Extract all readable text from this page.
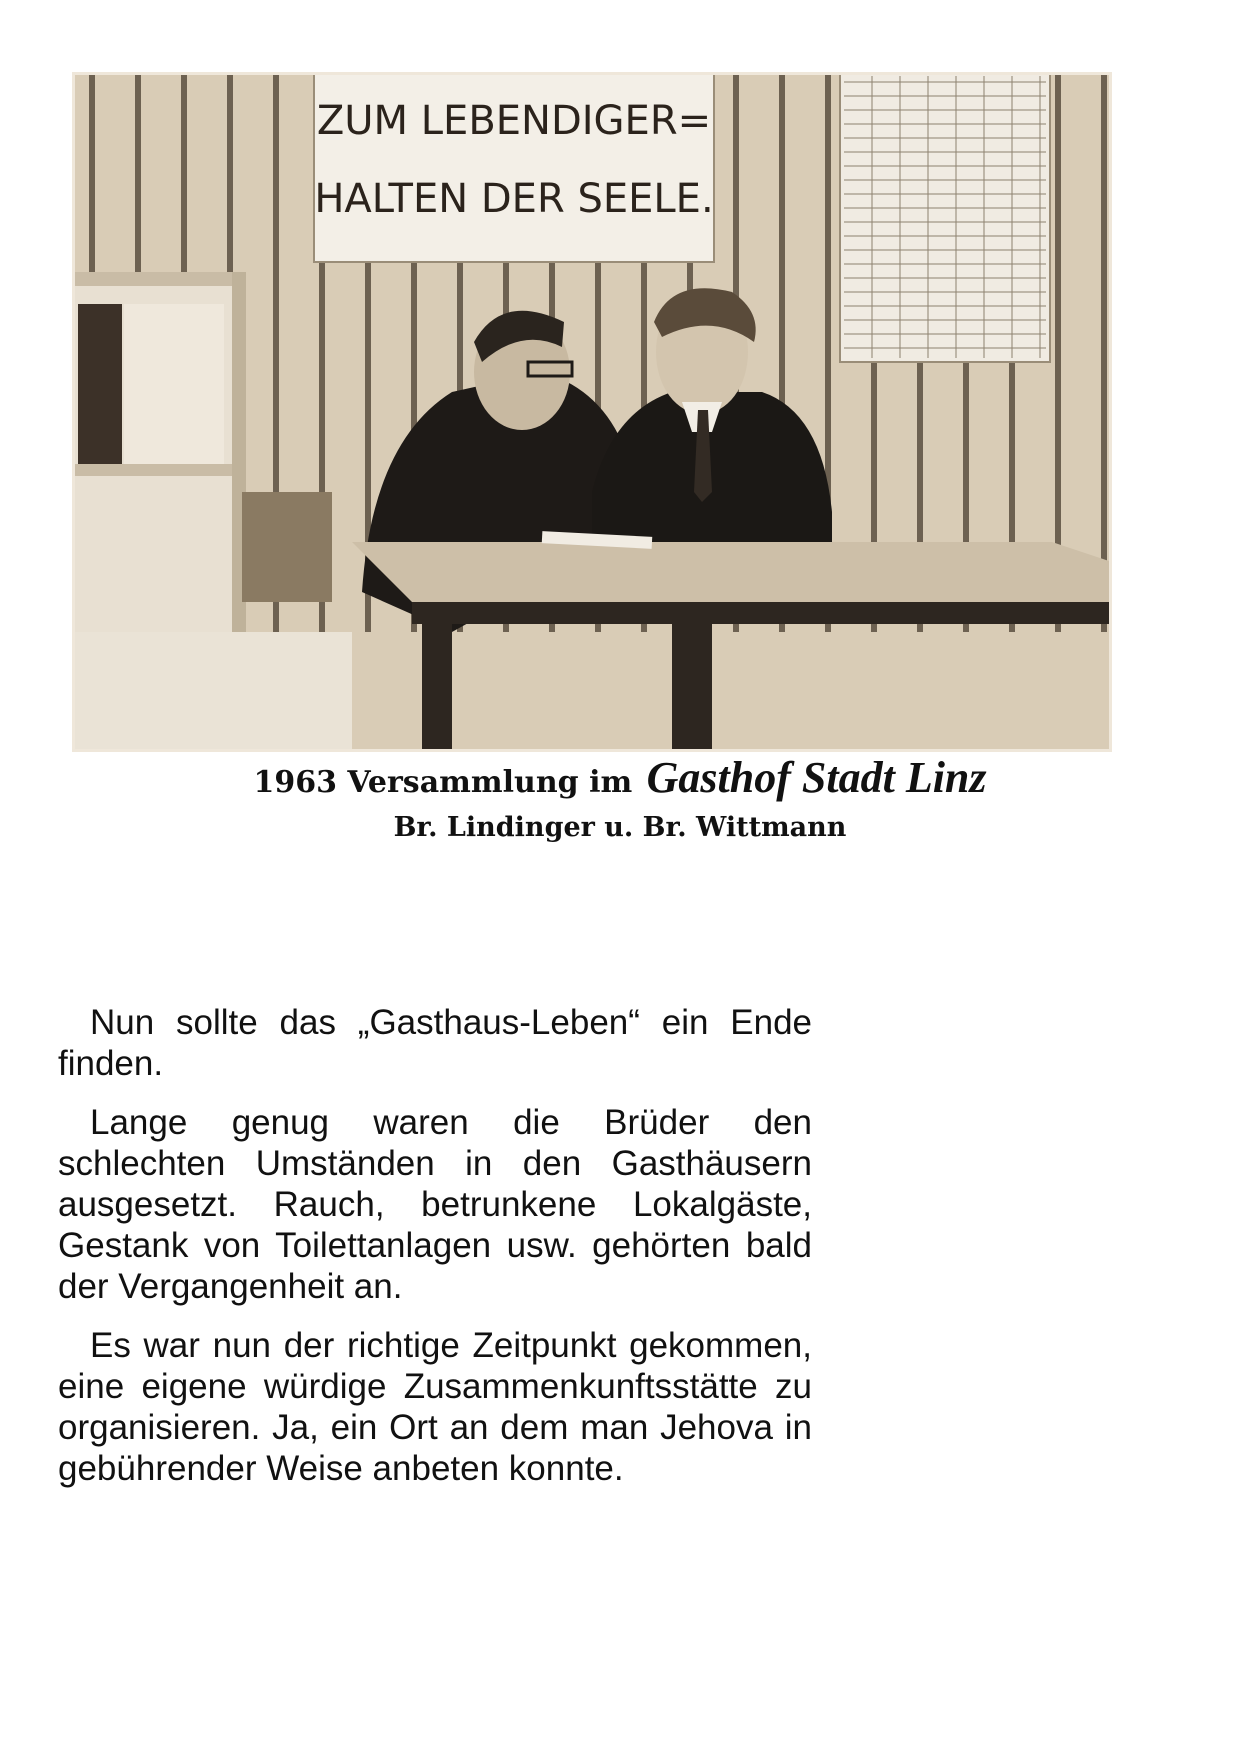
ZUM LEBENDIGER=
HALTEN DER SEELE.
1963 Versammlung im Gasthof Stadt Linz
Br. Lindinger u. Br. Wittmann

Nun sollte das „Gasthaus-Leben“ ein Ende finden.

Lange genug waren die Brüder den schlechten Umständen in den Gasthäusern ausgesetzt. Rauch, betrunkene Lokalgäste, Gestank von Toilettanlagen usw. gehörten bald der Vergangenheit an.

Es war nun der richtige Zeitpunkt gekommen, eine eigene würdige Zusammenkunftsstätte zu organisieren. Ja, ein Ort an dem man Jehova in gebührender Weise anbeten konnte.
